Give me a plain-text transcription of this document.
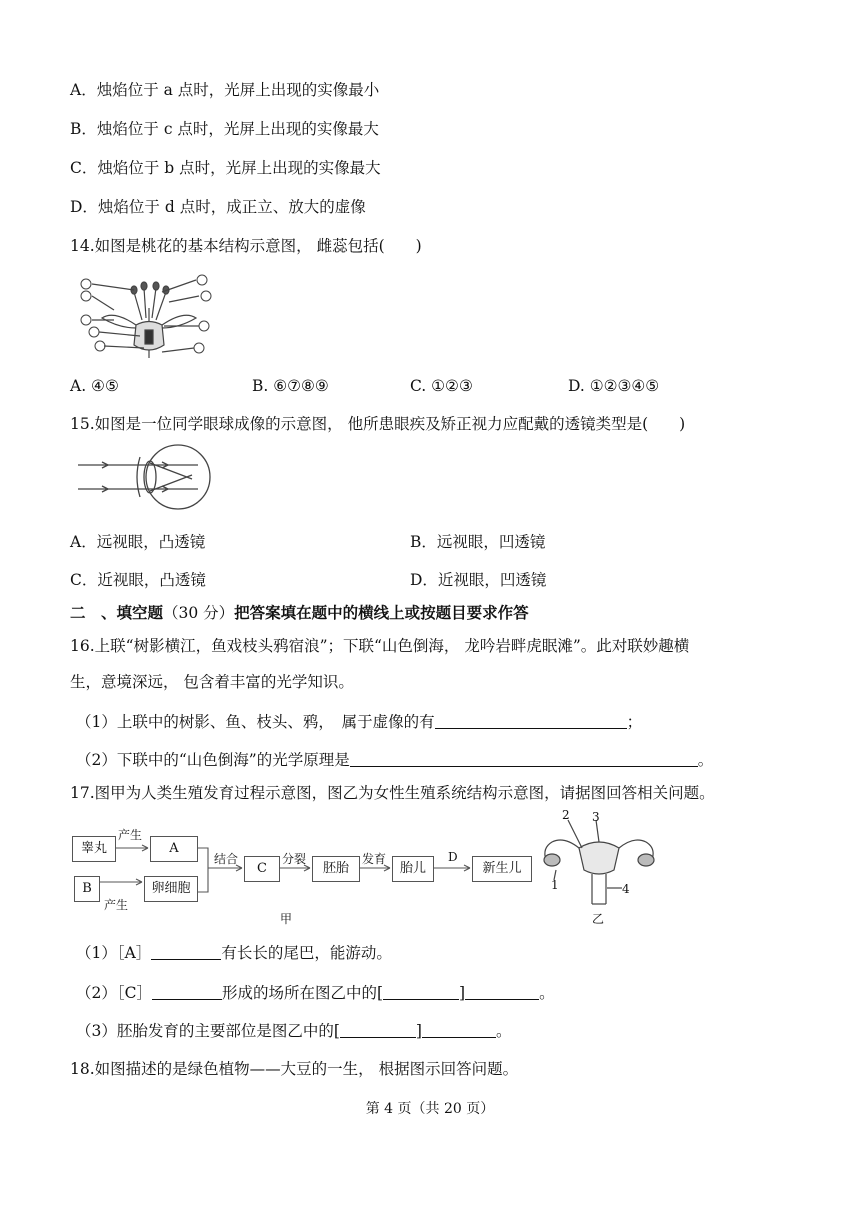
A．烛焰位于 a 点时，光屏上出现的实像最小
B．烛焰位于 c 点时，光屏上出现的实像最大
C．烛焰位于 b 点时，光屏上出现的实像最大
D．烛焰位于 d 点时，成正立、放大的虚像
14.如图是桃花的基本结构示意图， 雌蕊包括(　　)
A. ④⑤	B. ⑥⑦⑧⑨	C. ①②③	D. ①②③④⑤
15.如图是一位同学眼球成像的示意图， 他所患眼疾及矫正视力应配戴的透镜类型是(　　)
A．远视眼，凸透镜	B．远视眼，凹透镜
C．近视眼，凸透镜	D．近视眼，凹透镜
二　、填空题（30 分）把答案填在题中的横线上或按题目要求作答
16.上联“树影横江，鱼戏枝头鸦宿浪”；下联“山色倒海， 龙吟岩畔虎眠滩”。此对联妙趣横
生，意境深远， 包含着丰富的光学知识。
（1）上联中的树影、鱼、枝头、鸦，　属于虚像的有	；
（2）下联中的“山色倒海”的光学原理是	。
17.图甲为人类生殖发育过程示意图，图乙为女性生殖系统结构示意图，请据图回答相关问题。
睾丸
产生
A
B
产生
卵细胞
结合
C
分裂
胚胎
发育
胎儿
D
新生儿
甲
2 3
1	4
乙
（1）［A］	有长长的尾巴，能游动。
（2）［C］	形成的场所在图乙中的[	]	。
（3）胚胎发育的主要部位是图乙中的[	]	。
18.如图描述的是绿色植物——大豆的一生， 根据图示回答问题。
第 4 页（共 20 页）
